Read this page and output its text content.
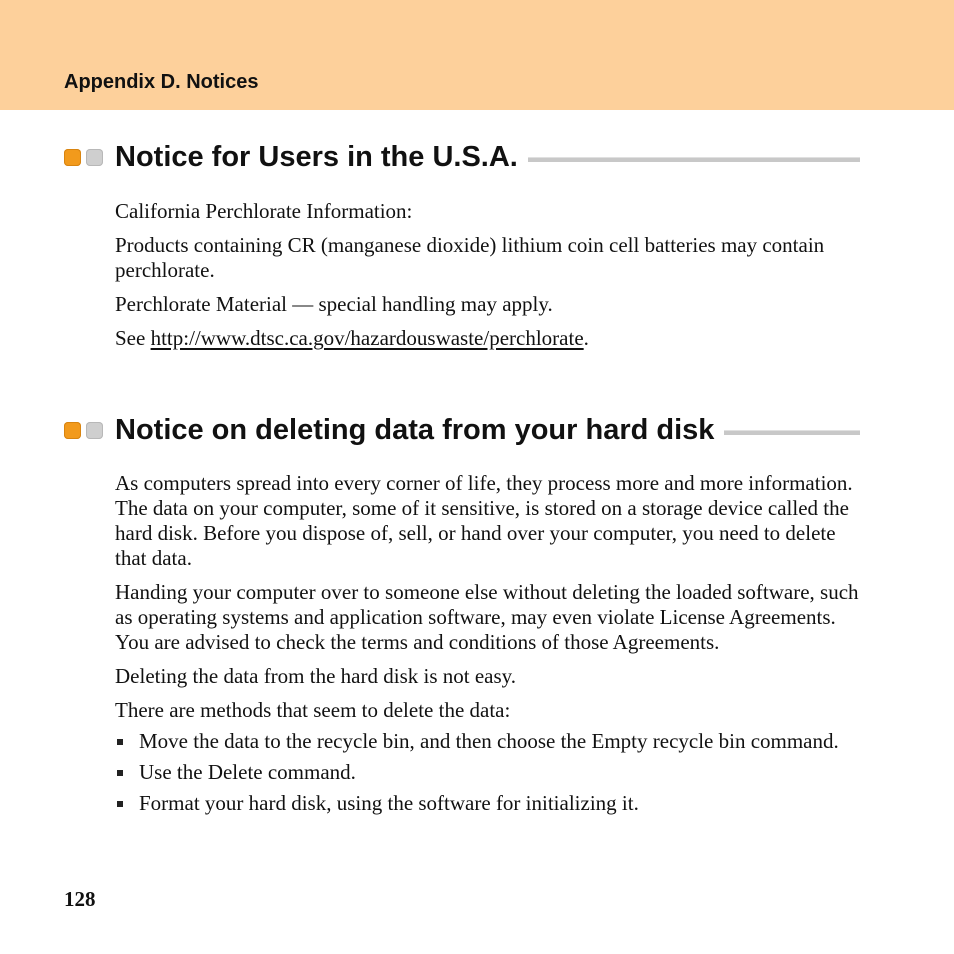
Appendix D. Notices
Notice for Users in the U.S.A.

California Perchlorate Information:

Products containing CR (manganese dioxide) lithium coin cell batteries may contain perchlorate.

Perchlorate Material — special handling may apply.

See http://www.dtsc.ca.gov/hazardouswaste/perchlorate.

Notice on deleting data from your hard disk

As computers spread into every corner of life, they process more and more information. The data on your computer, some of it sensitive, is stored on a storage device called the hard disk. Before you dispose of, sell, or hand over your computer, you need to delete that data.

Handing your computer over to someone else without deleting the loaded software, such as operating systems and application software, may even violate License Agreements. You are advised to check the terms and conditions of those Agreements.

Deleting the data from the hard disk is not easy.

There are methods that seem to delete the data:

Move the data to the recycle bin, and then choose the Empty recycle bin command.
Use the Delete command.
Format your hard disk, using the software for initializing it.
128
